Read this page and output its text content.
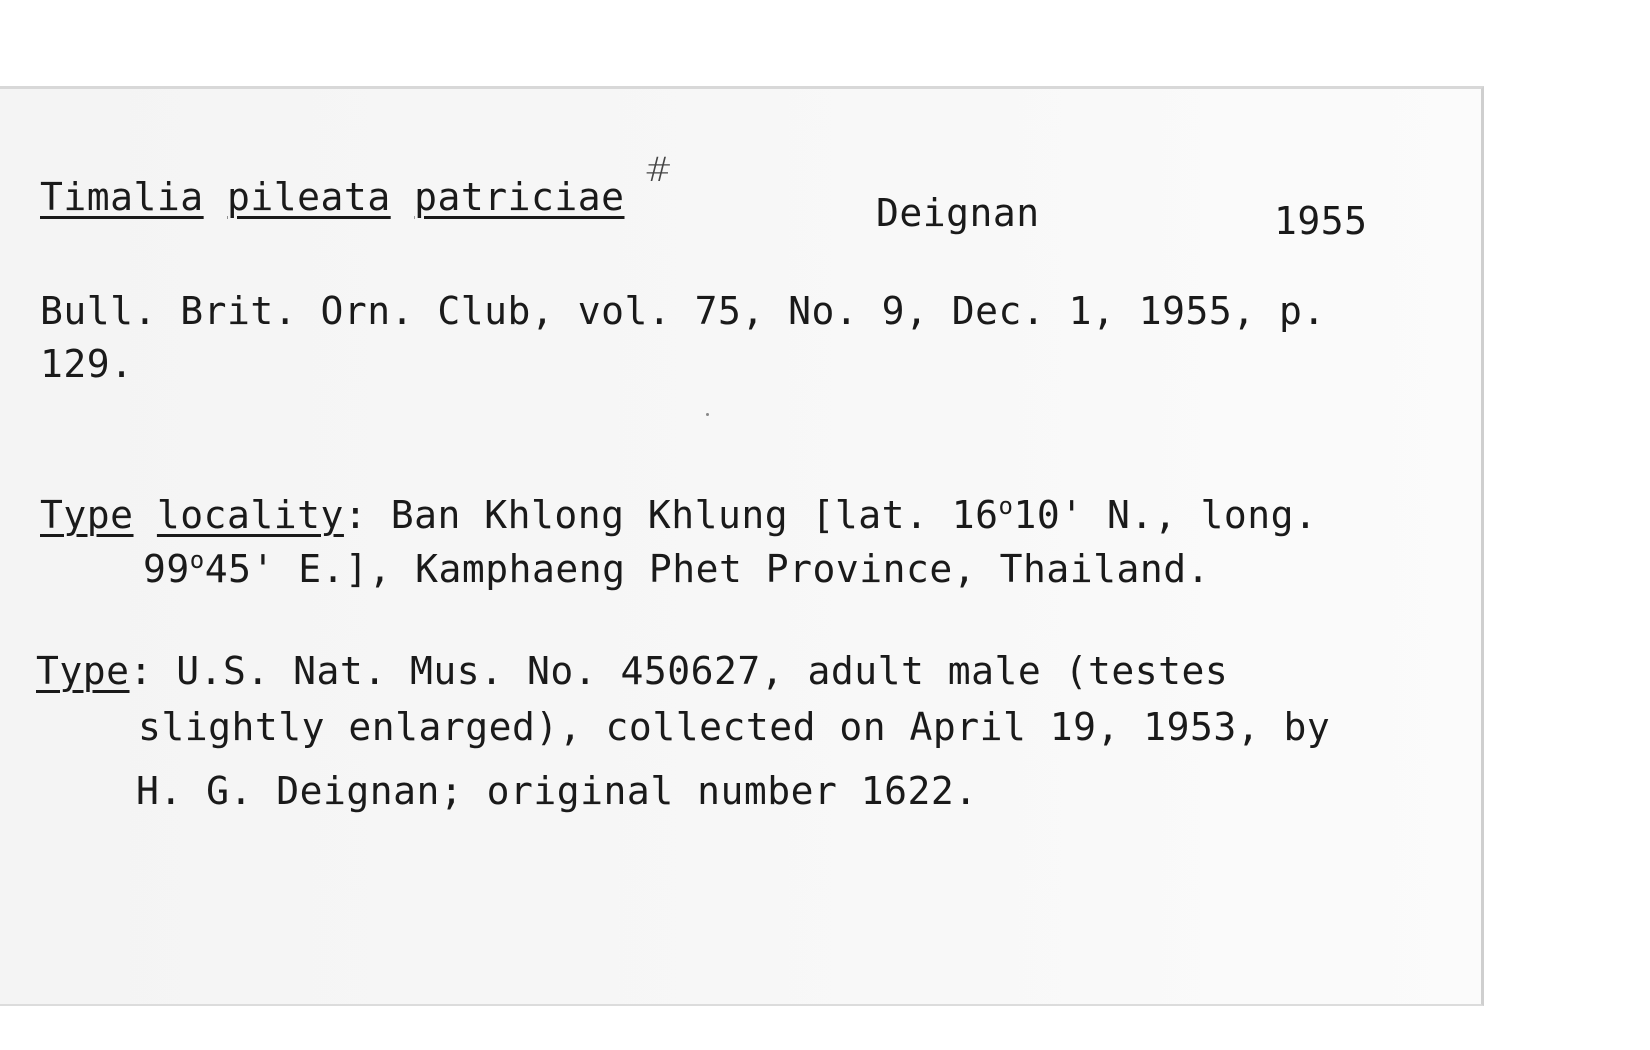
Timalia pileata patriciae
#
Deignan	1955
Bull. Brit. Orn. Club, vol. 75, No. 9, Dec. 1, 1955, p.
129.
Type locality: Ban Khlong Khlung [lat. 16$^o$10' N., long.
99$^o$45' E.], Kamphaeng Phet Province, Thailand.
Type: U.S. Nat. Mus. No. 450627, adult male (testes
slightly enlarged), collected on April 19, 1953, by
H. G. Deignan; original number 1622.
